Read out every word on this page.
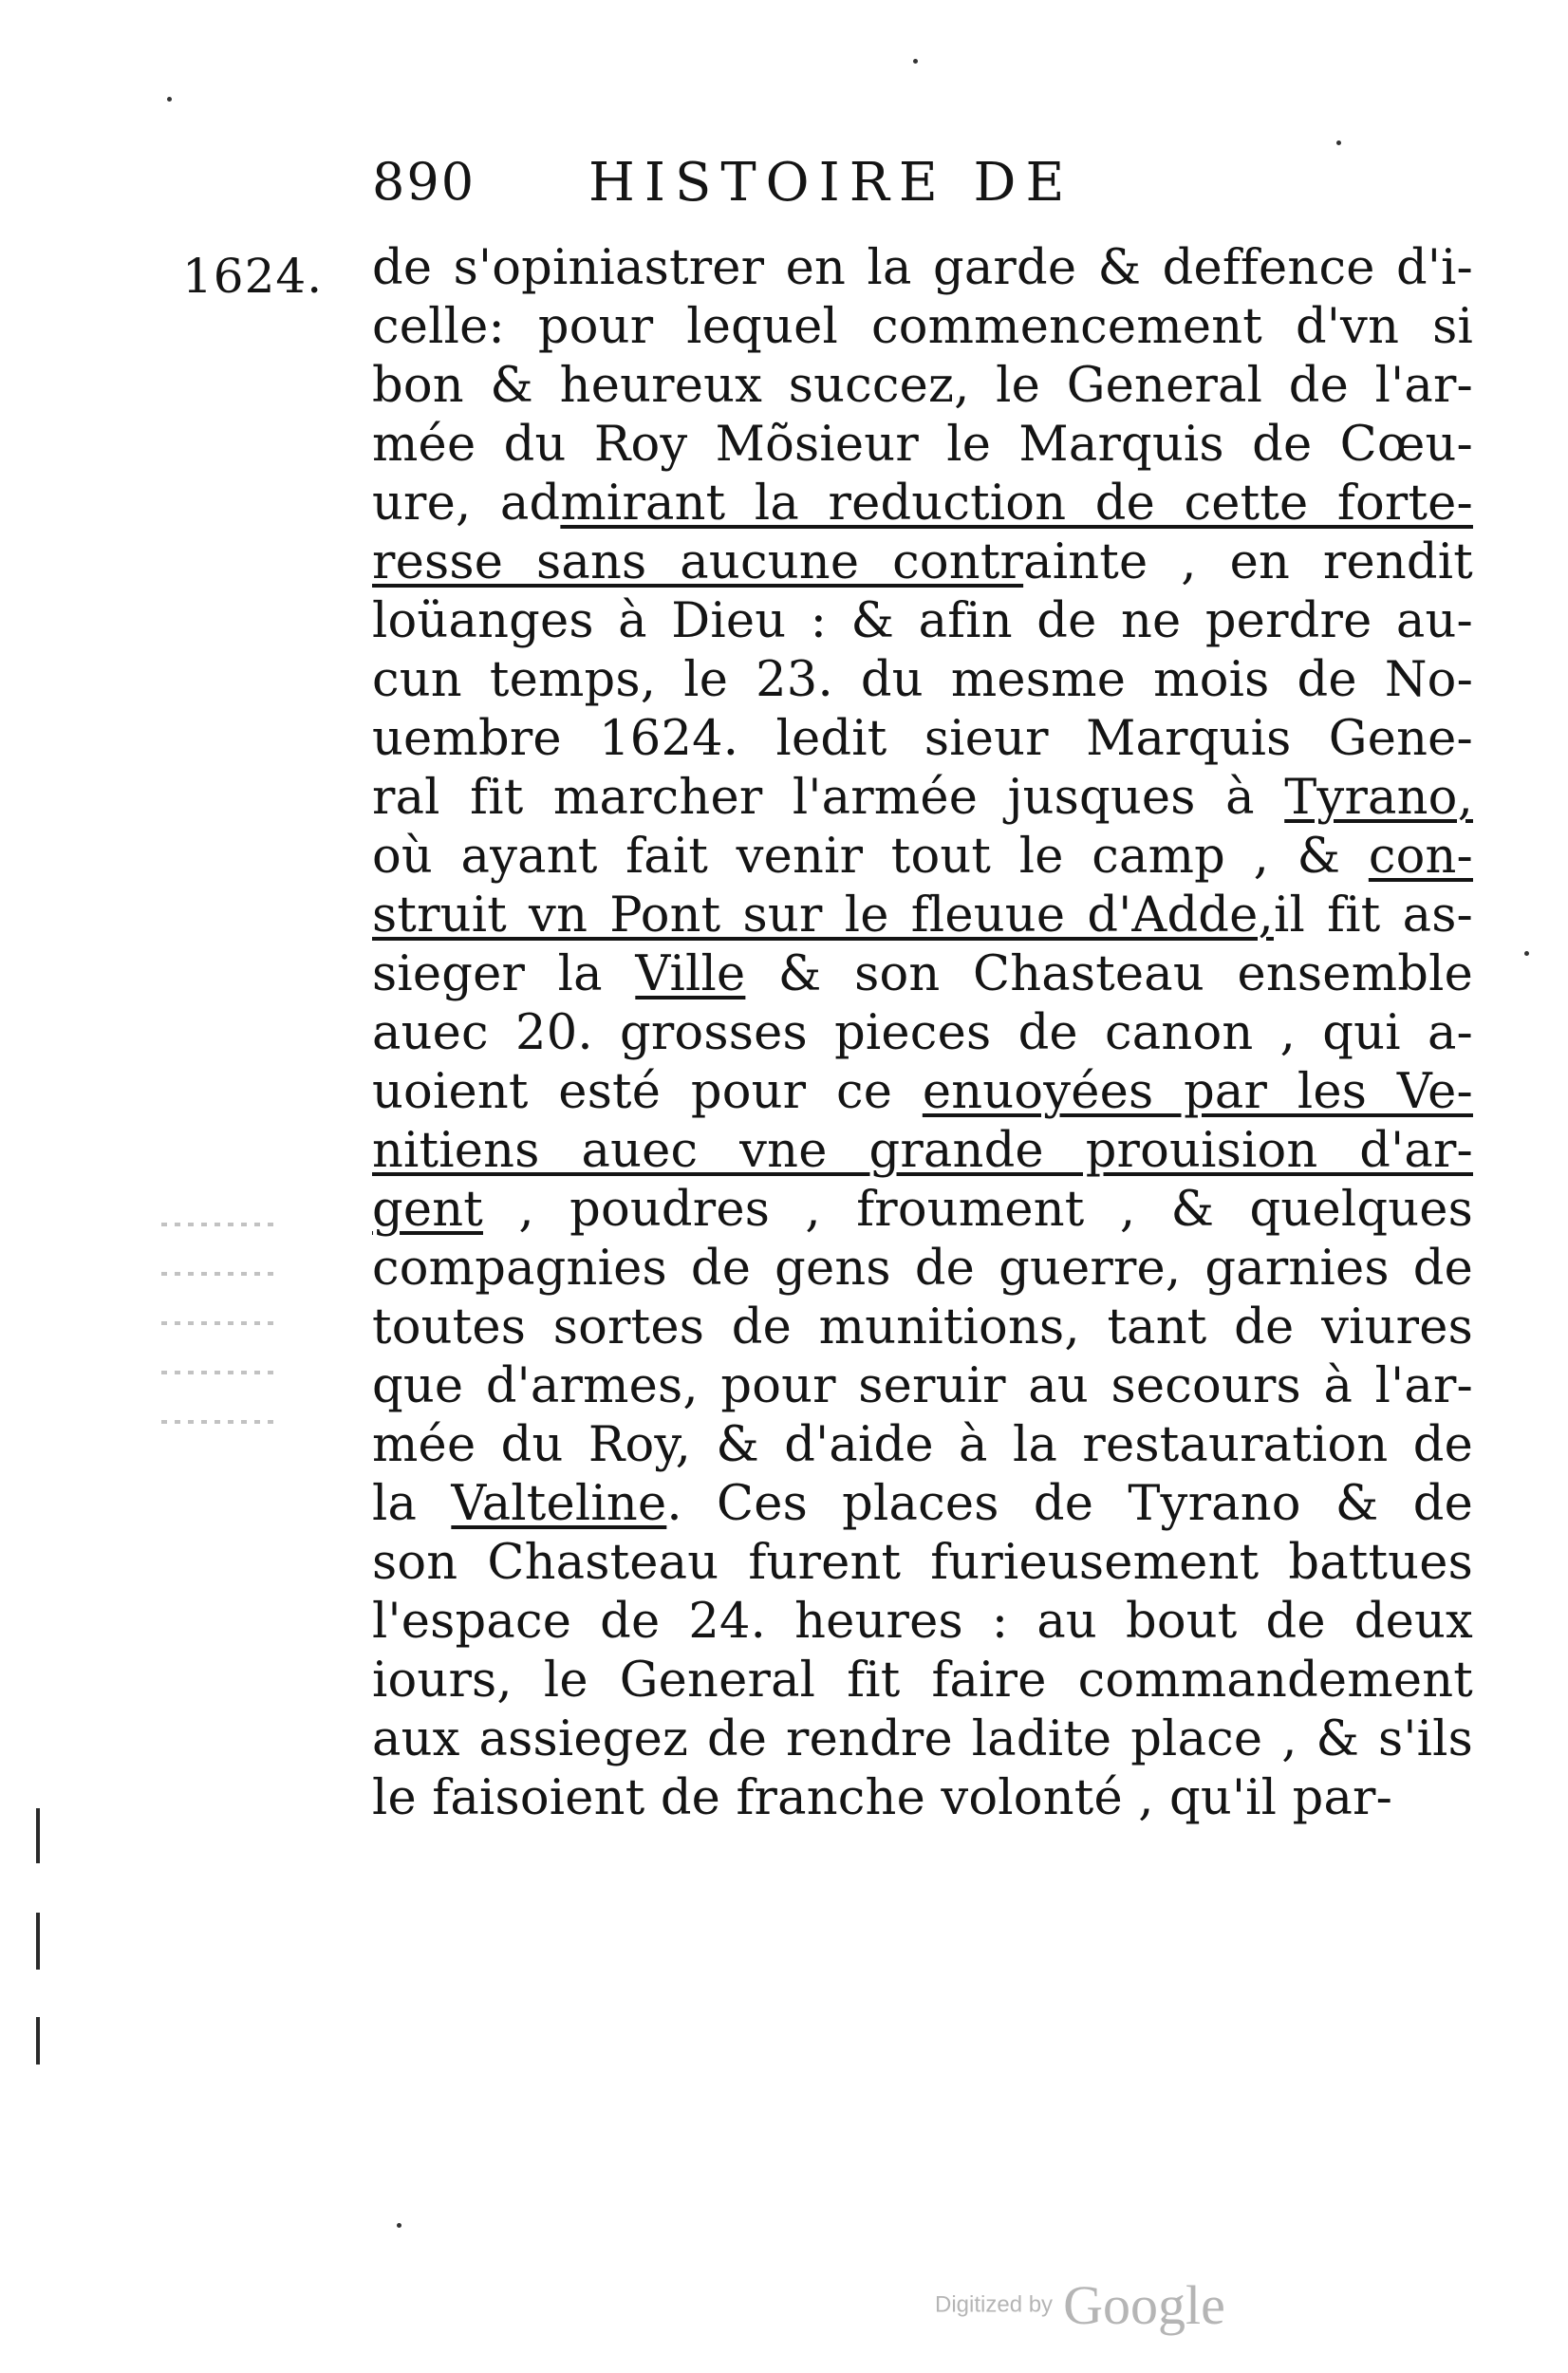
890 HISTOIRE DE
1624. de s'opiniastrer en la garde & deffence d'i-
celle: pour lequel commencement d'vn si
bon & heureux succez, le General de l'ar-
mée du Roy Mõsieur le Marquis de Cœu-
ure, admirant la reduction de cette forte-
resse sans aucune contrainte , en rendit
loüanges à Dieu : & afin de ne perdre au-
cun temps, le 23. du mesme mois de No-
uembre 1624. ledit sieur Marquis Gene-
ral fit marcher l'armée jusques à Tyrano,
où ayant fait venir tout le camp , & con-
struit vn Pont sur le fleuue d'Adde,il fit as-
sieger la Ville & son Chasteau ensemble
auec 20. grosses pieces de canon , qui a-
uoient esté pour ce enuoyées par les Ve-
nitiens auec vne grande prouision d'ar-
gent , poudres , froument , & quelques
compagnies de gens de guerre, garnies de
toutes sortes de munitions, tant de viures
que d'armes, pour seruir au secours à l'ar-
mée du Roy, & d'aide à la restauration de
la Valteline. Ces places de Tyrano & de
son Chasteau furent furieusement battues
l'espace de 24. heures : au bout de deux
iours, le General fit faire commandement
aux assiegez de rendre ladite place , & s'ils
le faisoient de franche volonté , qu'il par-
Digitized by Google
